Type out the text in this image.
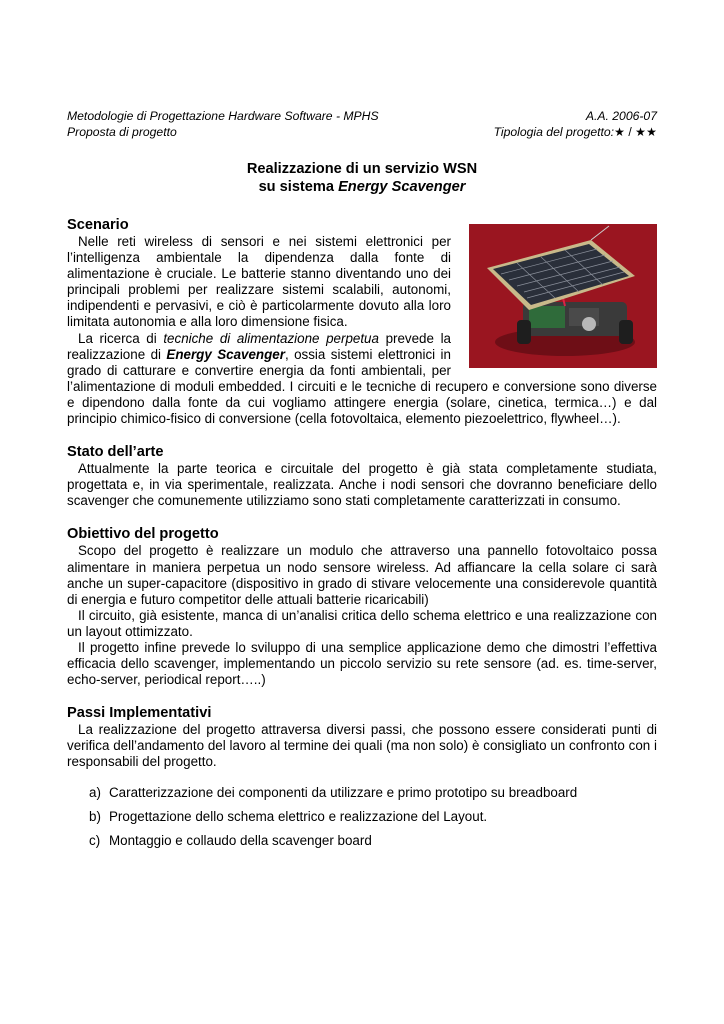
Metodologie di Progettazione Hardware Software - MPHS	A.A. 2006-07
Proposta di progetto	Tipologia del progetto:★ / ★★
Realizzazione di un servizio WSN
su sistema Energy Scavenger
Scenario

Nelle reti wireless di sensori e nei sistemi elettronici per l’intelligenza ambientale la dipendenza dalla fonte di alimentazione è cruciale. Le batterie stanno diventando uno dei principali problemi per realizzare sistemi scalabili, autonomi, indipendenti e pervasivi, e ciò è particolarmente dovuto alla loro limitata autonomia e alla loro dimensione fisica.

La ricerca di tecniche di alimentazione perpetua prevede la realizzazione di Energy Scavenger, ossia sistemi elettronici in grado di catturare e convertire energia da fonti ambientali, per l’alimentazione di moduli embedded. I circuiti e le tecniche di recupero e conversione sono diverse e dipendono dalla fonte da cui vogliamo attingere energia (solare, cinetica, termica…) e dal principio chimico-fisico di conversione (cella fotovoltaica, elemento piezoelettrico, flywheel…).

Stato dell’arte

Attualmente la parte teorica e circuitale del progetto è già stata completamente studiata, progettata e, in via sperimentale, realizzata. Anche i nodi sensori che dovranno beneficiare dello scavenger che comunemente utilizziamo sono stati completamente caratterizzati in consumo.

Obiettivo del progetto

Scopo del progetto è realizzare un modulo che attraverso una pannello fotovoltaico possa alimentare in maniera perpetua un nodo sensore wireless. Ad affiancare la cella solare ci sarà anche un super-capacitore (dispositivo in grado di stivare velocemente una considerevole quantità di energia e futuro competitor delle attuali batterie ricaricabili)

Il circuito, già esistente, manca di un’analisi critica dello schema elettrico e una realizzazione con un layout ottimizzato.

Il progetto infine prevede lo sviluppo di una semplice applicazione demo che dimostri l’effettiva efficacia dello scavenger, implementando un piccolo servizio su rete sensore (ad. es. time-server, echo-server, periodical report…..)

Passi Implementativi

La realizzazione del progetto attraversa diversi passi, che possono essere considerati punti di verifica dell’andamento del lavoro al termine dei quali (ma non solo) è consigliato un confronto con i responsabili del progetto.

a) Caratterizzazione dei componenti da utilizzare e primo prototipo su breadboard
b) Progettazione dello schema elettrico e realizzazione del Layout.
c) Montaggio e collaudo della scavenger board
